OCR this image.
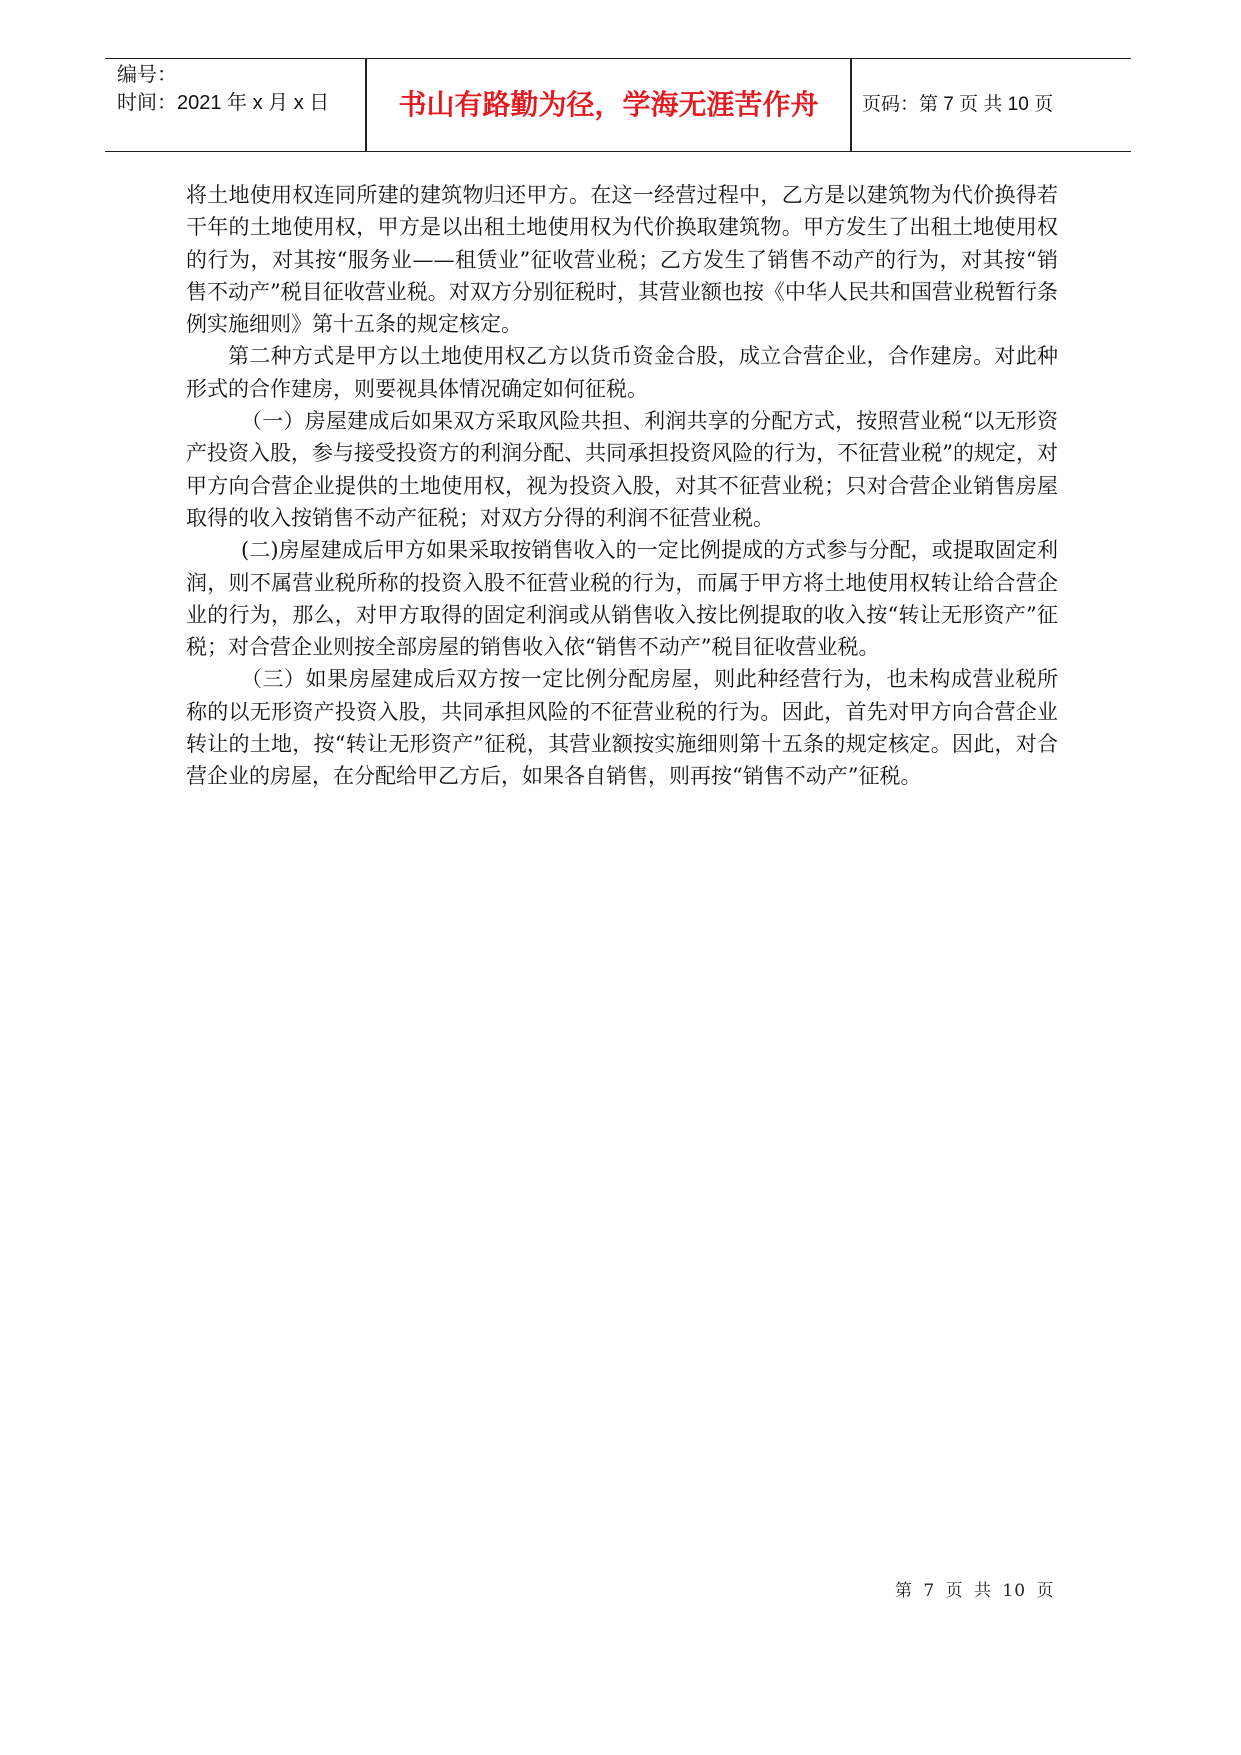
编号：
时间：2021 年 x 月 x 日	书山有路勤为径，学海无涯苦作舟	页码：第 7 页 共 10 页

将土地使用权连同所建的建筑物归还甲方。在这一经营过程中，乙方是以建筑物为代价换得若干年的土地使用权，甲方是以出租土地使用权为代价换取建筑物。甲方发生了出租土地使用权的行为，对其按“服务业——租赁业”征收营业税；乙方发生了销售不动产的行为，对其按“销售不动产”税目征收营业税。对双方分别征税时，其营业额也按《中华人民共和国营业税暂行条例实施细则》第十五条的规定核定。

第二种方式是甲方以土地使用权乙方以货币资金合股，成立合营企业，合作建房。对此种形式的合作建房，则要视具体情况确定如何征税。

（一）房屋建成后如果双方采取风险共担、利润共享的分配方式，按照营业税“以无形资产投资入股，参与接受投资方的利润分配、共同承担投资风险的行为，不征营业税”的规定，对甲方向合营企业提供的土地使用权，视为投资入股，对其不征营业税；只对合营企业销售房屋取得的收入按销售不动产征税；对双方分得的利润不征营业税。

(二)房屋建成后甲方如果采取按销售收入的一定比例提成的方式参与分配，或提取固定利润，则不属营业税所称的投资入股不征营业税的行为，而属于甲方将土地使用权转让给合营企业的行为，那么，对甲方取得的固定利润或从销售收入按比例提取的收入按“转让无形资产”征税；对合营企业则按全部房屋的销售收入依“销售不动产”税目征收营业税。

（三）如果房屋建成后双方按一定比例分配房屋，则此种经营行为，也未构成营业税所称的以无形资产投资入股，共同承担风险的不征营业税的行为。因此，首先对甲方向合营企业转让的土地，按“转让无形资产”征税，其营业额按实施细则第十五条的规定核定。因此，对合营企业的房屋，在分配给甲乙方后，如果各自销售，则再按“销售不动产”征税。

第 7 页 共 10 页
